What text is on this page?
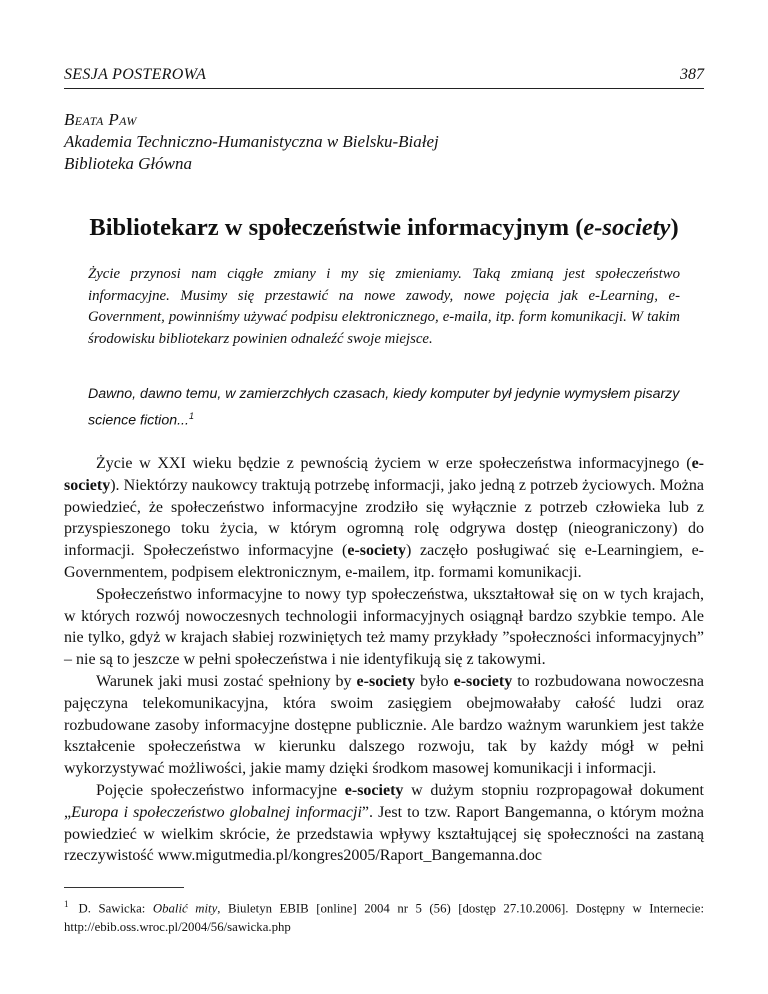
SESJA POSTEROWA	387
Beata Paw
Akademia Techniczno-Humanistyczna w Bielsku-Białej
Biblioteka Główna
Bibliotekarz w społeczeństwie informacyjnym (e-society)
Życie przynosi nam ciągłe zmiany i my się zmieniamy. Taką zmianą jest społeczeństwo informacyjne. Musimy się przestawić na nowe zawody, nowe pojęcia jak e-Learning, e-Government, powinniśmy używać podpisu elektronicznego, e-maila, itp. form komunikacji. W takim środowisku bibliotekarz powinien odnaleźć swoje miejsce.
Dawno, dawno temu, w zamierzchłych czasach, kiedy komputer był jedynie wymysłem pisarzy science fiction...$^1$

Życie w XXI wieku będzie z pewnością życiem w erze społeczeństwa informacyjnego (e-society). Niektórzy naukowcy traktują potrzebę informacji, jako jedną z potrzeb życiowych. Można powiedzieć, że społeczeństwo informacyjne zrodziło się wyłącznie z potrzeb człowieka lub z przyspieszonego toku życia, w którym ogromną rolę odgrywa dostęp (nieograniczony) do informacji. Społeczeństwo informacyjne (e-society) zaczęło posługiwać się e-Learningiem, e-Governmentem, podpisem elektronicznym, e-mailem, itp. formami komunikacji.

Społeczeństwo informacyjne to nowy typ społeczeństwa, ukształtował się on w tych krajach, w których rozwój nowoczesnych technologii informacyjnych osiągnął bardzo szybkie tempo. Ale nie tylko, gdyż w krajach słabiej rozwiniętych też mamy przykłady ”społeczności informacyjnych” – nie są to jeszcze w pełni społeczeństwa i nie identyfikują się z takowymi.

Warunek jaki musi zostać spełniony by e-society było e-society to rozbudowana nowoczesna pajęczyna telekomunikacyjna, która swoim zasięgiem obejmowałaby całość ludzi oraz rozbudowane zasoby informacyjne dostępne publicznie. Ale bardzo ważnym warunkiem jest także kształcenie społeczeństwa w kierunku dalszego rozwoju, tak by każdy mógł w pełni wykorzystywać możliwości, jakie mamy dzięki środkom masowej komunikacji i informacji.

Pojęcie społeczeństwo informacyjne e-society w dużym stopniu rozpropagował dokument „Europa i społeczeństwo globalnej informacji”. Jest to tzw. Raport Bangemanna, o którym można powiedzieć w wielkim skrócie, że przedstawia wpływy kształtującej się społeczności na zastaną rzeczywistość www.migutmedia.pl/kongres2005/Raport_Bangemanna.doc

$^1$ D. Sawicka: Obalić mity, Biuletyn EBIB [online] 2004 nr 5 (56) [dostęp 27.10.2006]. Dostępny w Internecie: http://ebib.oss.wroc.pl/2004/56/sawicka.php
